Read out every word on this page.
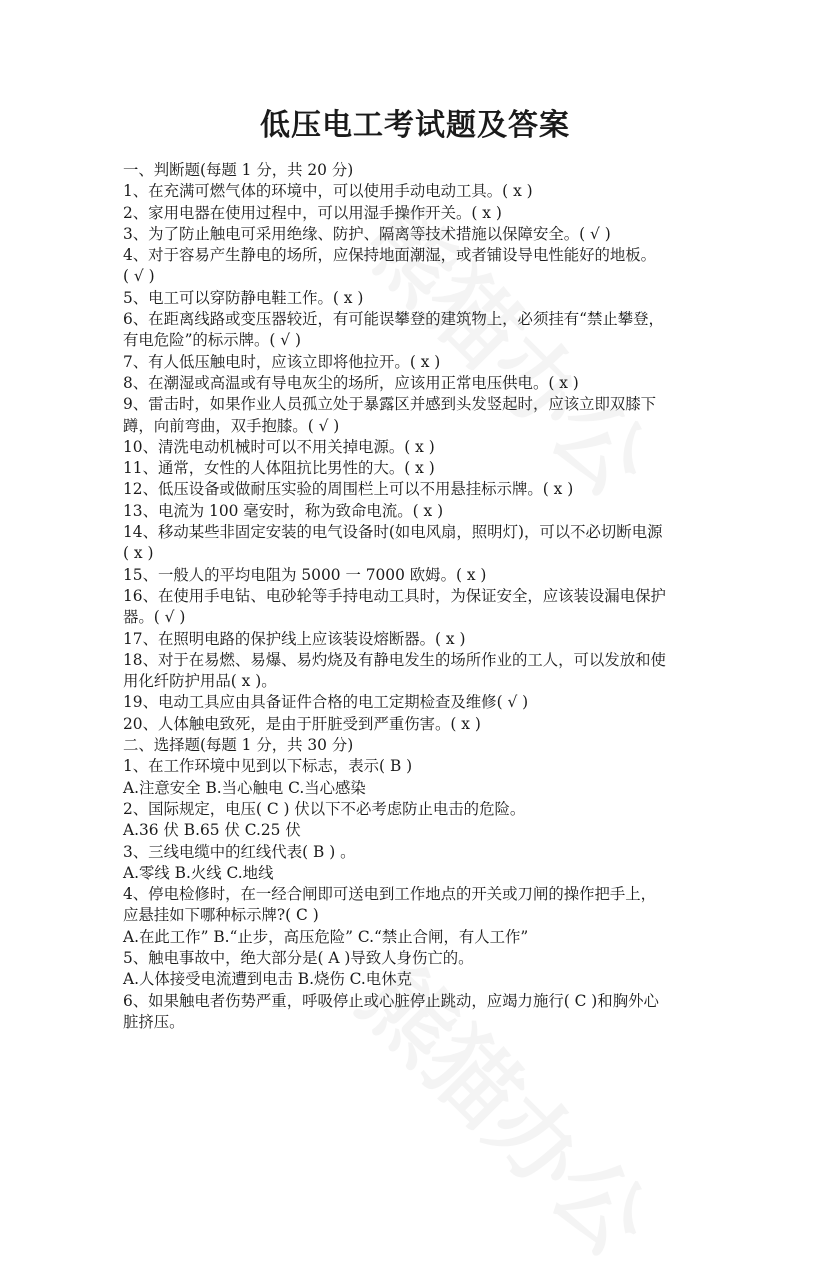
低压电工考试题及答案

一、判断题(每题 1 分，共 20 分)

1、在充满可燃气体的环境中，可以使用手动电动工具。( x )

2、家用电器在使用过程中，可以用湿手操作开关。( x )

3、为了防止触电可采用绝缘、防护、隔离等技术措施以保障安全。( √ )

4、对于容易产生静电的场所，应保持地面潮湿，或者铺设导电性能好的地板。

( √ )

5、电工可以穿防静电鞋工作。( x )

6、在距离线路或变压器较近，有可能误攀登的建筑物上，必须挂有“禁止攀登，

有电危险”的标示牌。( √ )

7、有人低压触电时，应该立即将他拉开。( x )

8、在潮湿或高温或有导电灰尘的场所，应该用正常电压供电。( x )

9、雷击时，如果作业人员孤立处于暴露区并感到头发竖起时，应该立即双膝下

蹲，向前弯曲，双手抱膝。( √ )

10、清洗电动机械时可以不用关掉电源。( x )

11、通常，女性的人体阻抗比男性的大。( x )

12、低压设备或做耐压实验的周围栏上可以不用悬挂标示牌。( x )

13、电流为 100 毫安时，称为致命电流。( x )

14、移动某些非固定安装的电气设备时(如电风扇，照明灯)，可以不必切断电源

( x )

15、一般人的平均电阻为 5000 一 7000 欧姆。( x )

16、在使用手电钻、电砂轮等手持电动工具时，为保证安全，应该装设漏电保护

器。( √ )

17、在照明电路的保护线上应该装设熔断器。( x )

18、对于在易燃、易爆、易灼烧及有静电发生的场所作业的工人，可以发放和使

用化纤防护用品( x )。

19、电动工具应由具备证件合格的电工定期检查及维修( √ )

20、人体触电致死，是由于肝脏受到严重伤害。( x )

二、选择题(每题 1 分，共 30 分)

1、在工作环境中见到以下标志，表示( B )

A.注意安全 B.当心触电 C.当心感染

2、国际规定，电压( C ) 伏以下不必考虑防止电击的危险。

A.36 伏 B.65 伏 C.25 伏

3、三线电缆中的红线代表( B ) 。

A.零线 B.火线 C.地线

4、停电检修时，在一经合闸即可送电到工作地点的开关或刀闸的操作把手上，

应悬挂如下哪种标示牌?( C )

A.在此工作” B.“止步，高压危险” C.“禁止合闸，有人工作”

5、触电事故中，绝大部分是( A )导致人身伤亡的。

A.人体接受电流遭到电击 B.烧伤 C.电休克

6、如果触电者伤势严重，呼吸停止或心脏停止跳动，应竭力施行( C )和胸外心

脏挤压。
